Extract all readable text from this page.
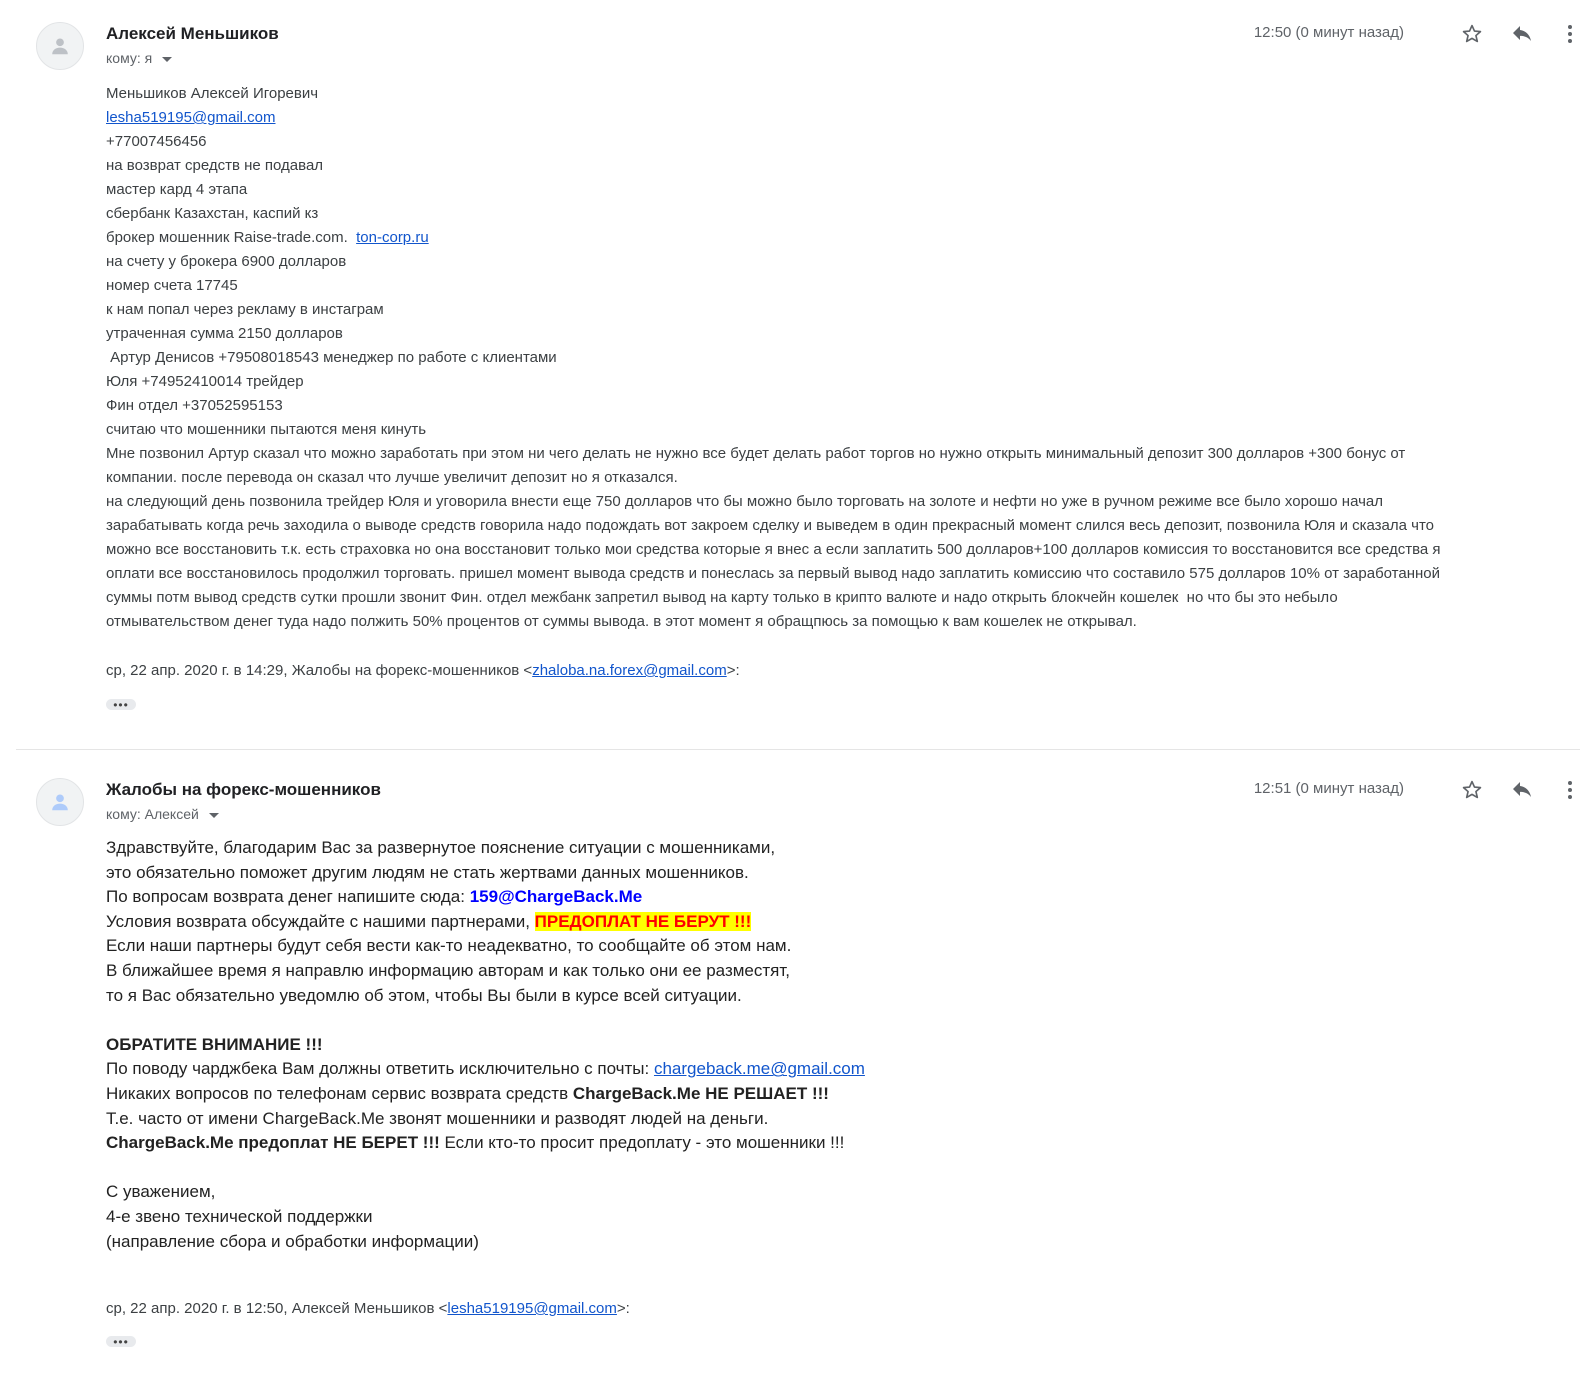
Алексей Меньшиков
кому: я
12:50 (0 минут назад)
Меньшиков Алексей Игоревич
lesha519195@gmail.com
+77007456456
на возврат средств не подавал
мастер кард 4 этапа
сбербанк Казахстан, каспий кз
брокер мошенник Raise-trade.com.  ton-corp.ru
на счету у брокера 6900 долларов
номер счета 17745
к нам попал через рекламу в инстаграм
утраченная сумма 2150 долларов
Артур Денисов +79508018543 менеджер по работе с клиентами
Юля +74952410014 трейдер
Фин отдел +37052595153
считаю что мошенники пытаются меня кинуть
Мне позвонил Артур сказал что можно заработать при этом ни чего делать не нужно все будет делать работ торгов но нужно открыть минимальный депозит 300 долларов +300 бонус от
компании. после перевода он сказал что лучше увеличит депозит но я отказался.
на следующий день позвонила трейдер Юля и уговорила внести еще 750 долларов что бы можно было торговать на золоте и нефти но уже в ручном режиме все было хорошо начал
зарабатывать когда речь заходила о выводе средств говорила надо подождать вот закроем сделку и выведем в один прекрасный момент слился весь депозит, позвонила Юля и сказала что
можно все восстановить т.к. есть страховка но она восстановит только мои средства которые я внес а если заплатить 500 долларов+100 долларов комиссия то восстановится все средства я
оплати все восстановилось продолжил торговать. пришел момент вывода средств и понеслась за первый вывод надо заплатить комиссию что составило 575 долларов 10% от заработанной
суммы потм вывод средств сутки прошли звонит Фин. отдел межбанк запретил вывод на карту только в крипто валюте и надо открыть блокчейн кошелек  но что бы это небыло
отмывательством денег туда надо полжить 50% процентов от суммы вывода. в этот момент я обращпюсь за помощью к вам кошелек не открывал.
ср, 22 апр. 2020 г. в 14:29, Жалобы на форекс-мошенников <zhaloba.na.forex@gmail.com>:
•••
Жалобы на форекс-мошенников
кому: Алексей
12:51 (0 минут назад)
Здравствуйте, благодарим Вас за развернутое пояснение ситуации с мошенниками,
это обязательно поможет другим людям не стать жертвами данных мошенников.
По вопросам возврата денег напишите сюда: 159@ChargeBack.Me
Условия возврата обсуждайте с нашими партнерами, ПРЕДОПЛАТ НЕ БЕРУТ !!!
Если наши партнеры будут себя вести как-то неадекватно, то сообщайте об этом нам.
В ближайшее время я направлю информацию авторам и как только они ее разместят,
то я Вас обязательно уведомлю об этом, чтобы Вы были в курсе всей ситуации.
ОБРАТИТЕ ВНИМАНИЕ !!!
По поводу чарджбека Вам должны ответить исключительно с почты: chargeback.me@gmail.com
Никаких вопросов по телефонам сервис возврата средств ChargeBack.Me НЕ РЕШАЕТ !!!
Т.е. часто от имени ChargeBack.Me звонят мошенники и разводят людей на деньги.
ChargeBack.Me предоплат НЕ БЕРЕТ !!! Если кто-то просит предоплату - это мошенники !!!
С уважением,
4-е звено технической поддержки
(направление сбора и обработки информации)
ср, 22 апр. 2020 г. в 12:50, Алексей Меньшиков <lesha519195@gmail.com>:
•••
